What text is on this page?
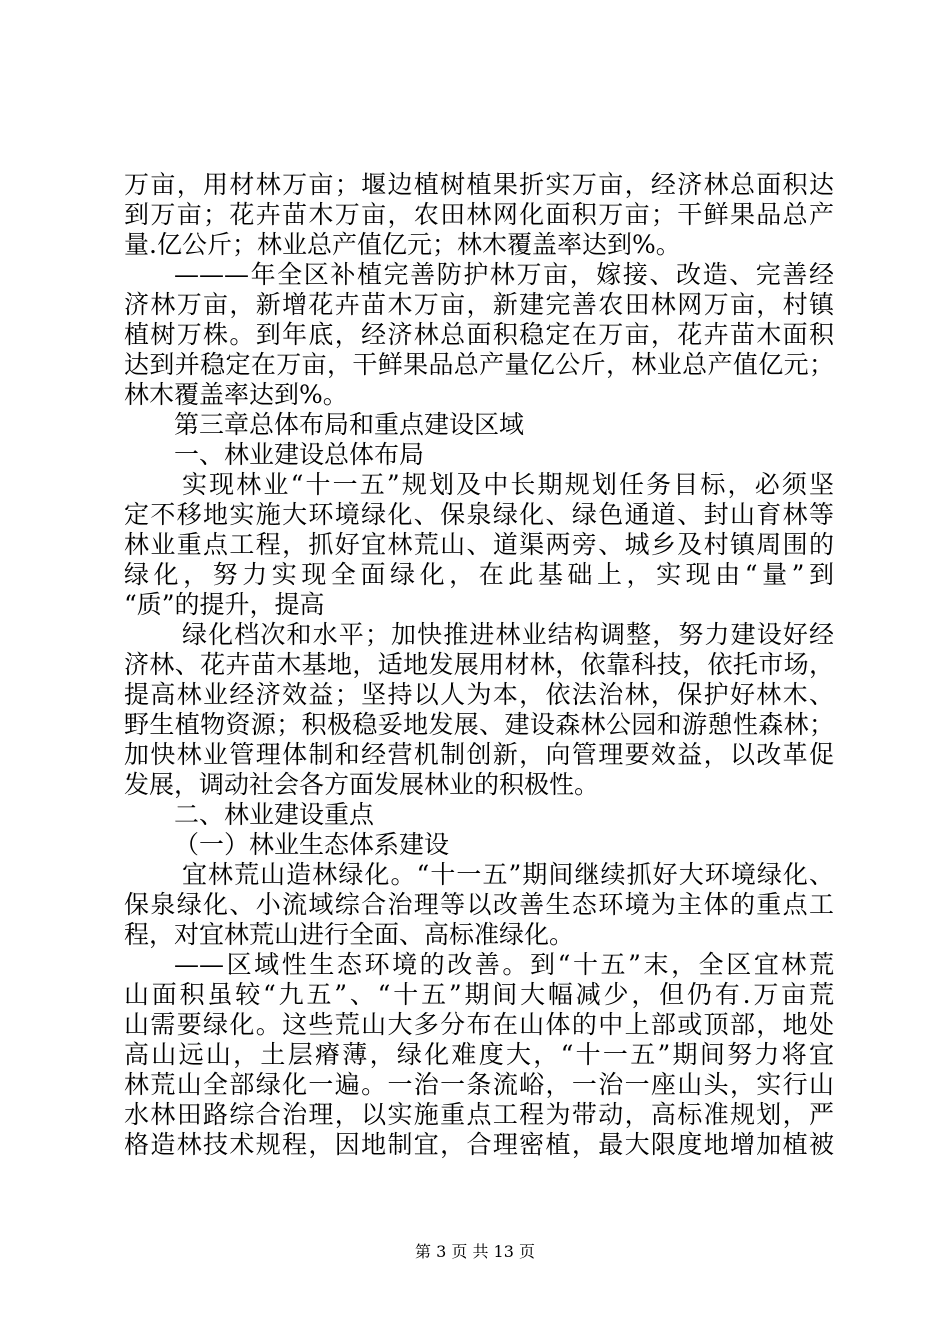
万亩，用材林万亩；堰边植树植果折实万亩，经济林总面积达
到万亩；花卉苗木万亩，农田林网化面积万亩；干鲜果品总产
量.亿公斤；林业总产值亿元；林木覆盖率达到%。
———年全区补植完善防护林万亩，嫁接、改造、完善经
济林万亩，新增花卉苗木万亩，新建完善农田林网万亩，村镇
植树万株。到年底，经济林总面积稳定在万亩，花卉苗木面积
达到并稳定在万亩，干鲜果品总产量亿公斤，林业总产值亿元；
林木覆盖率达到%。
第三章总体布局和重点建设区域
一、林业建设总体布局
实现林业“十一五”规划及中长期规划任务目标，必须坚
定不移地实施大环境绿化、保泉绿化、绿色通道、封山育林等
林业重点工程，抓好宜林荒山、道渠两旁、城乡及村镇周围的
绿化，努力实现全面绿化，在此基础上，实现由“量”到
“质”的提升，提高
绿化档次和水平；加快推进林业结构调整，努力建设好经
济林、花卉苗木基地，适地发展用材林，依靠科技，依托市场，
提高林业经济效益；坚持以人为本，依法治林，保护好林木、
野生植物资源；积极稳妥地发展、建设森林公园和游憩性森林；
加快林业管理体制和经营机制创新，向管理要效益，以改革促
发展，调动社会各方面发展林业的积极性。
二、林业建设重点
（一）林业生态体系建设
宜林荒山造林绿化。“十一五”期间继续抓好大环境绿化、
保泉绿化、小流域综合治理等以改善生态环境为主体的重点工
程，对宜林荒山进行全面、高标准绿化。
——区域性生态环境的改善。到“十五”末，全区宜林荒
山面积虽较“九五”、“十五”期间大幅减少，但仍有.万亩荒
山需要绿化。这些荒山大多分布在山体的中上部或顶部，地处
高山远山，土层瘠薄，绿化难度大，“十一五”期间努力将宜
林荒山全部绿化一遍。一治一条流峪，一治一座山头，实行山
水林田路综合治理，以实施重点工程为带动，高标准规划，严
格造林技术规程，因地制宜，合理密植，最大限度地增加植被
第 3 页 共 13 页
